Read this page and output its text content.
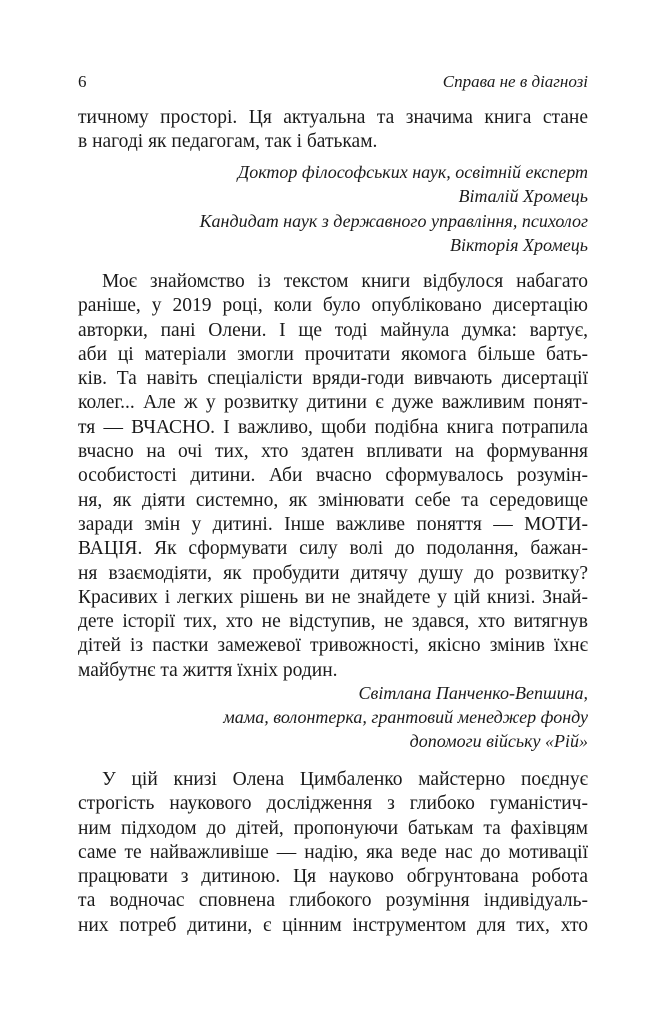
6	Справа не в діагнозі
тичному просторі. Ця актуальна та значима книга стане
в нагоді як педагогам, так і батькам.
Доктор філософських наук, освітній експерт
Віталій Хромець
Кандидат наук з державного управління, психолог
Вікторія Хромець
Моє знайомство із текстом книги відбулося набагато
раніше, у 2019 році, коли було опубліковано дисертацію
авторки, пані Олени. І ще тоді майнула думка: вартує,
аби ці матеріали змогли прочитати якомога більше бать-
ків. Та навіть спеціалісти вряди-годи вивчають дисертації
колег... Але ж у розвитку дитини є дуже важливим понят-
тя — ВЧАСНО. І важливо, щоби подібна книга потрапила
вчасно на очі тих, хто здатен впливати на формування
особистості дитини. Аби вчасно сформувалось розумін-
ня, як діяти системно, як змінювати себе та середовище
заради змін у дитині. Інше важливе поняття — МОТИ-
ВАЦІЯ. Як сформувати силу волі до подолання, бажан-
ня взаємодіяти, як пробудити дитячу душу до розвитку?
Красивих і легких рішень ви не знайдете у цій книзі. Знай-
дете історії тих, хто не відступив, не здався, хто витягнув
дітей із пастки замежевої тривожності, якісно змінив їхнє
майбутнє та життя їхніх родин.
Світлана Панченко-Вепшина,
мама, волонтерка, грантовий менеджер фонду
допомоги війську «Рій»
У цій книзі Олена Цимбаленко майстерно поєднує
строгість наукового дослідження з глибоко гуманістич-
ним підходом до дітей, пропонуючи батькам та фахівцям
саме те найважливіше — надію, яка веде нас до мотивації
працювати з дитиною. Ця науково обгрунтована робота
та водночас сповнена глибокого розуміння індивідуаль-
них потреб дитини, є цінним інструментом для тих, хто
